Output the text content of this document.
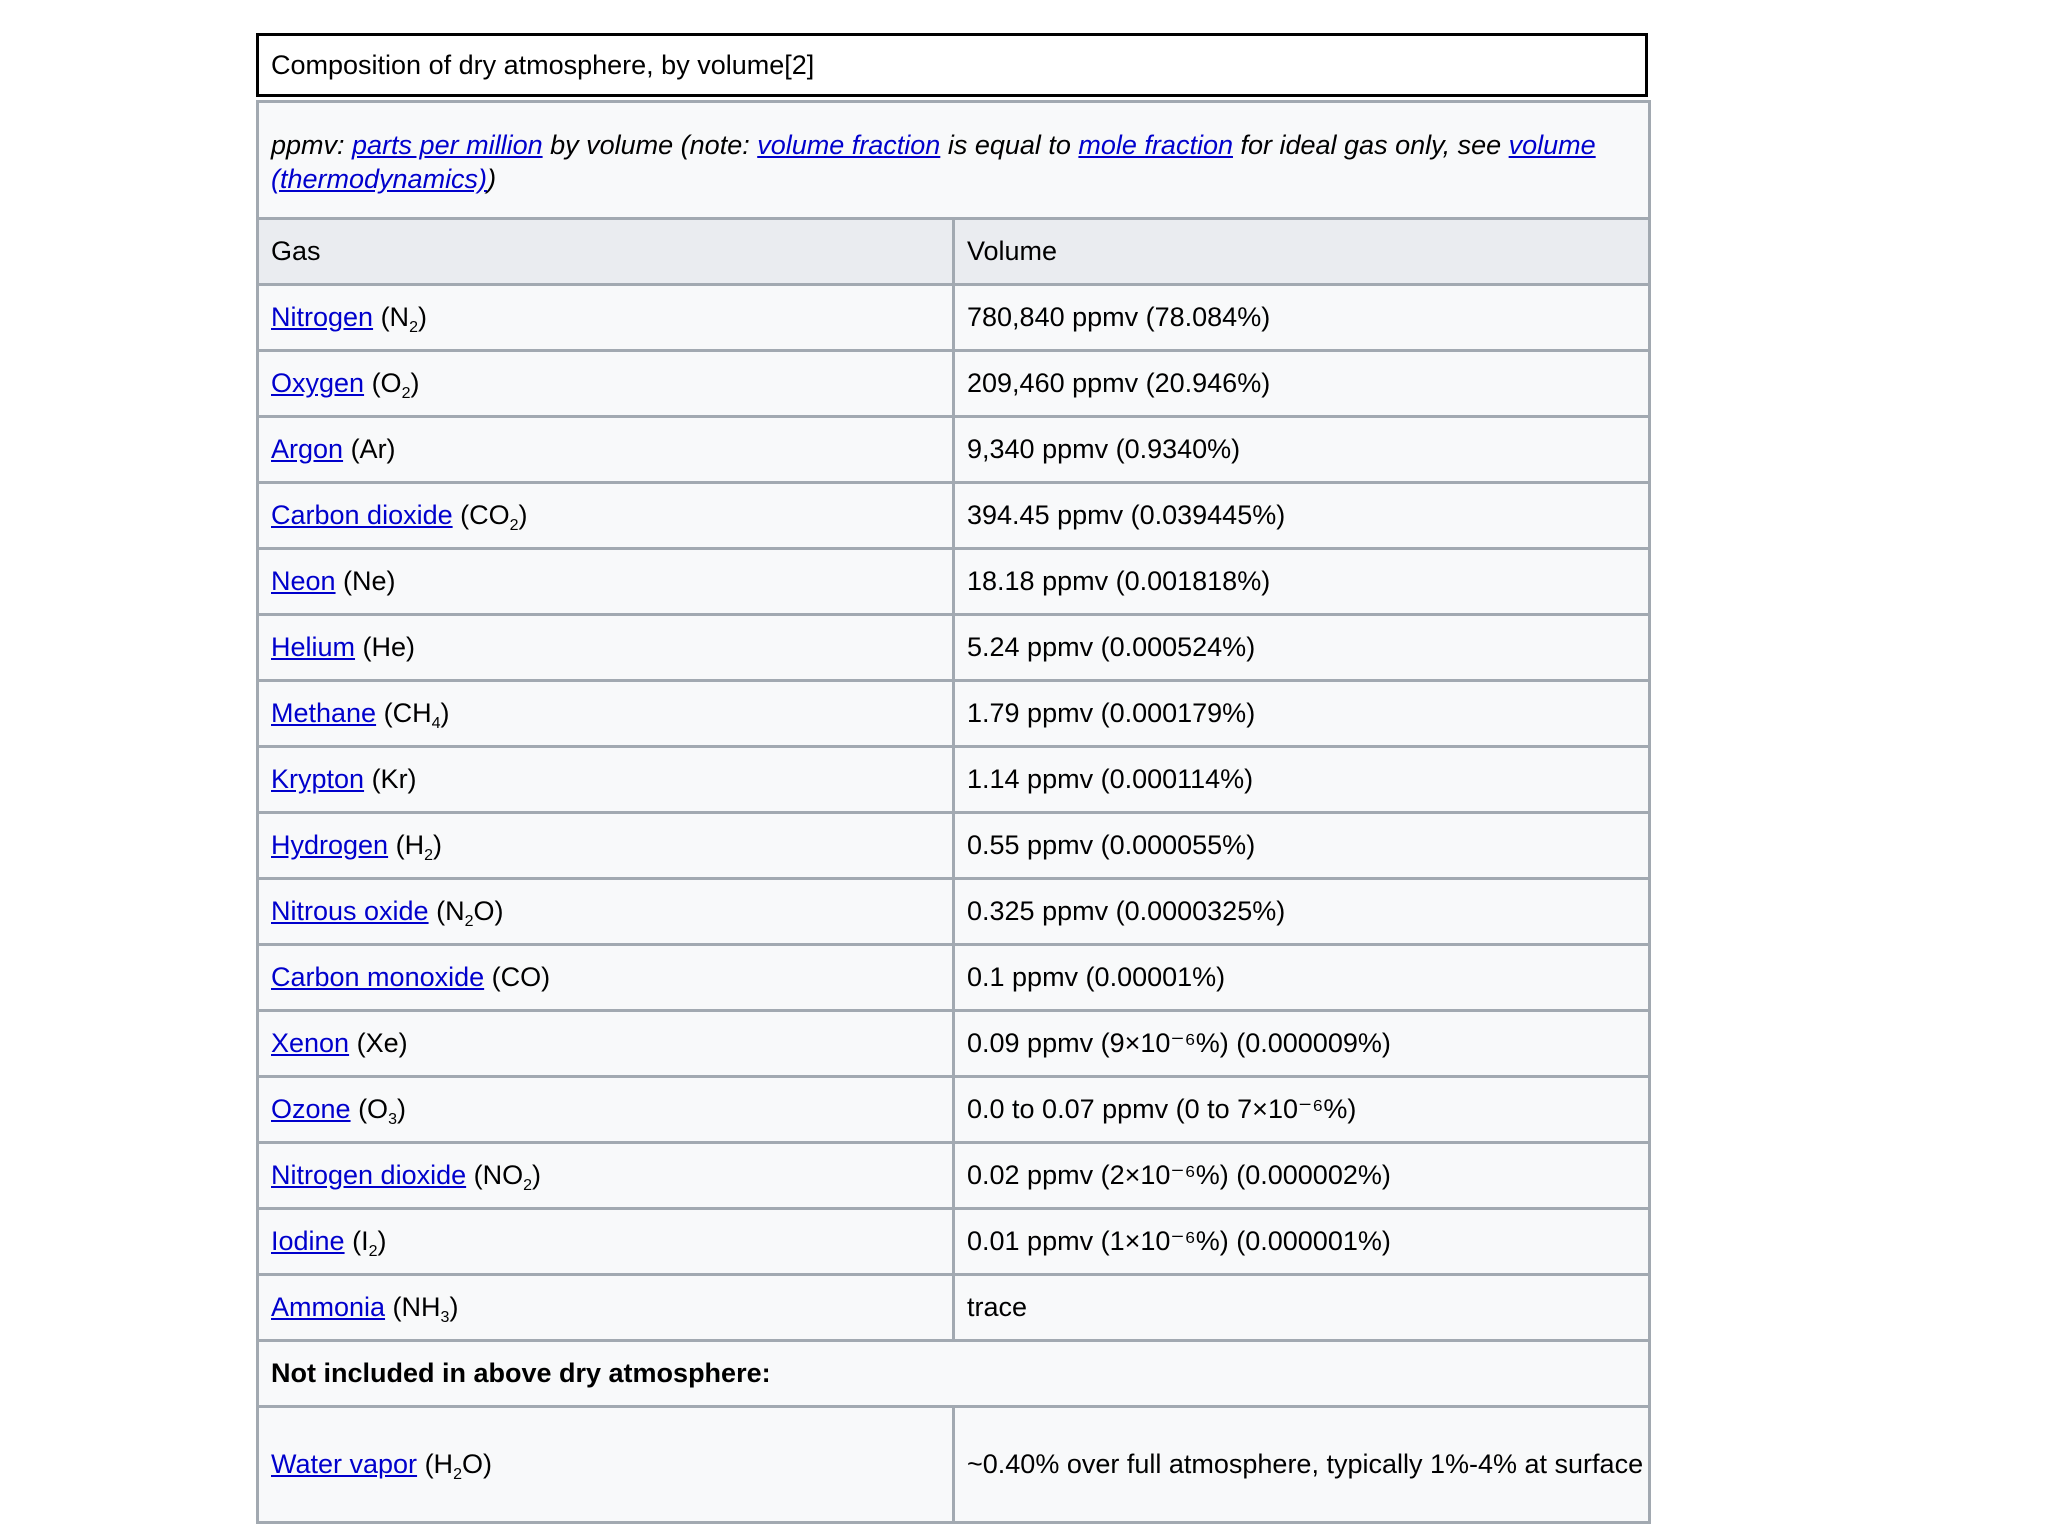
Composition of dry atmosphere, by volume[2]
ppmv: parts per million by volume (note: volume fraction is equal to mole fraction for ideal gas only, see volume (thermodynamics))	
Gas	Volume
Nitrogen $(N_2)$	780,840 ppmv (78.084%)
Oxygen $(O_2)$	209,460 ppmv (20.946%)
Argon (Ar)	9,340 ppmv (0.9340%)
Carbon dioxide $(CO_2)$	394.45 ppmv (0.039445%)
Neon (Ne)	18.18 ppmv (0.001818%)
Helium (He)	5.24 ppmv (0.000524%)
Methane $(CH_4)$	1.79 ppmv (0.000179%)
Krypton (Kr)	1.14 ppmv (0.000114%)
Hydrogen $(H_2)$	0.55 ppmv (0.000055%)
Nitrous oxide $(N_2O)$	0.325 ppmv (0.0000325%)
Carbon monoxide (CO)	0.1 ppmv (0.00001%)
Xenon (Xe)	0.09 ppmv (9×10⁻⁶%) (0.000009%)
Ozone $(O_3)$	0.0 to 0.07 ppmv (0 to 7×10⁻⁶%)
Nitrogen dioxide $(NO_2)$	0.02 ppmv (2×10⁻⁶%) (0.000002%)
Iodine $(I_2)$	0.01 ppmv (1×10⁻⁶%) (0.000001%)
Ammonia $(NH_3)$	trace
Not included in above dry atmosphere:	
Water vapor $(H_2O)$	~0.40% over full atmosphere, typically 1%-4% at surface
